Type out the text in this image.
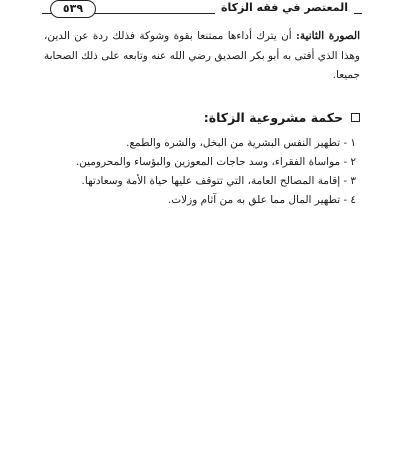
٥٣٩	المعتصر في فقه الزكاة

الصورة الثانية: أن يترك أداءها ممتنعا بقوة وشوكة فذلك ردة عن الدين، وهذا الذي أفتى به أبو بكر الصديق رضي الله عنه وتابعه على ذلك الصحابة جميعا.

حكمة مشروعية الزكاة:
١ - تطهير النفس البشرية من البخل، والشره والطمع.
٢ - مواساة الفقراء، وسد حاجات المعوزين والبؤساء والمحرومين.
٣ - إقامة المصالح العامة، التي تتوقف عليها حياة الأمة وسعادتها.
٤ - تطهير المال مما علق به من آثام وزلات.
